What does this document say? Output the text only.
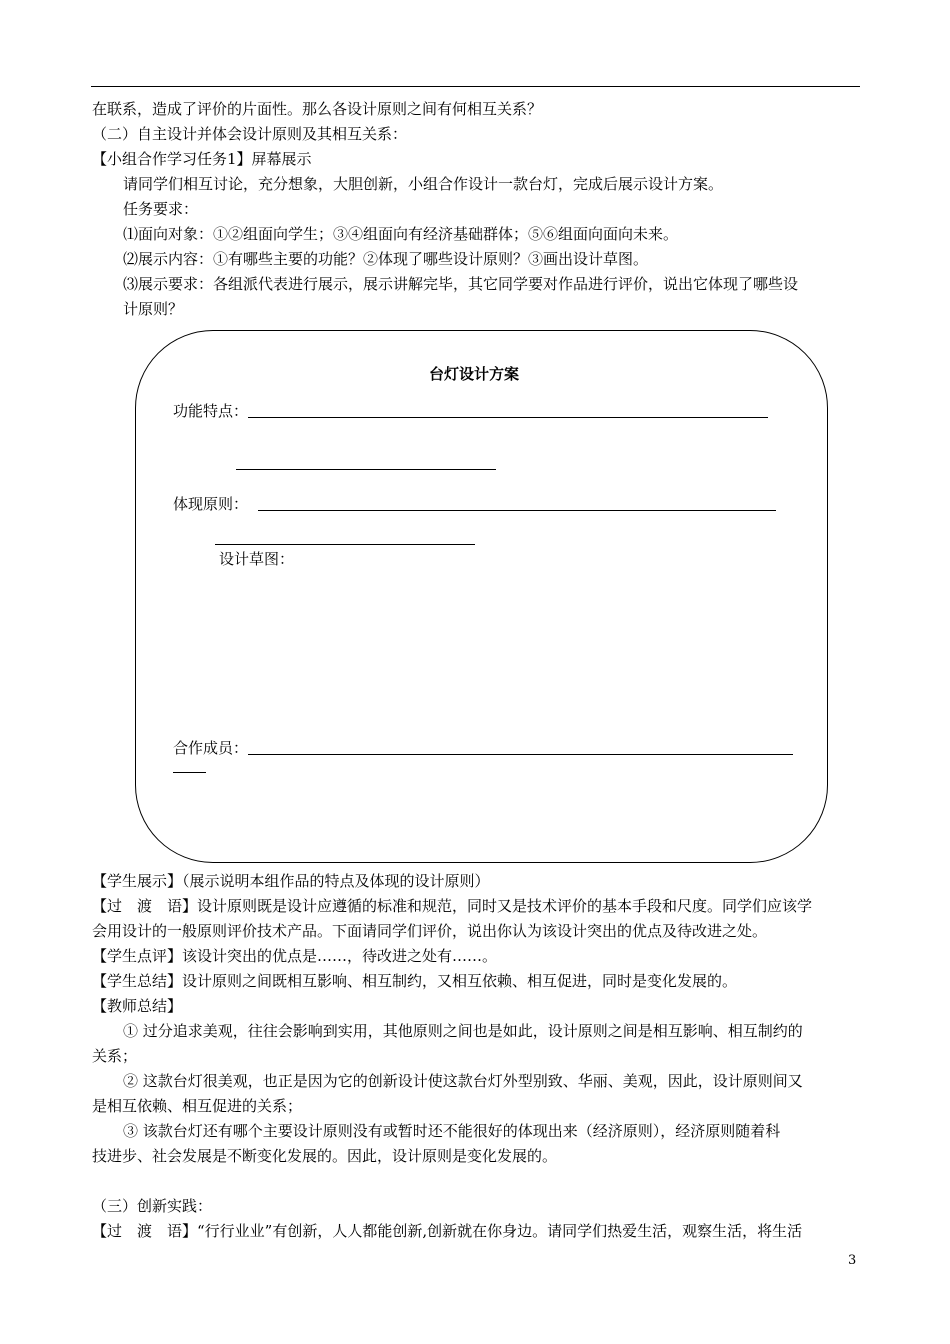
在联系，造成了评价的片面性。那么各设计原则之间有何相互关系？
（二）自主设计并体会设计原则及其相互关系：
【小组合作学习任务1】屏幕展示
请同学们相互讨论，充分想象，大胆创新，小组合作设计一款台灯，完成后展示设计方案。
任务要求：
⑴面向对象：①②组面向学生；③④组面向有经济基础群体；⑤⑥组面向面向未来。
⑵展示内容：①有哪些主要的功能？②体现了哪些设计原则？③画出设计草图。
⑶展示要求：各组派代表进行展示，展示讲解完毕，其它同学要对作品进行评价，说出它体现了哪些设
计原则？
台灯设计方案
功能特点：
体现原则：
设计草图：
合作成员：
【学生展示】（展示说明本组作品的特点及体现的设计原则）
【过　渡　语】设计原则既是设计应遵循的标准和规范，同时又是技术评价的基本手段和尺度。同学们应该学
会用设计的一般原则评价技术产品。下面请同学们评价，说出你认为该设计突出的优点及待改进之处。
【学生点评】该设计突出的优点是……，待改进之处有……。
【学生总结】设计原则之间既相互影响、相互制约，又相互依赖、相互促进，同时是变化发展的。
【教师总结】
① 过分追求美观，往往会影响到实用，其他原则之间也是如此，设计原则之间是相互影响、相互制约的
关系；
② 这款台灯很美观，也正是因为它的创新设计使这款台灯外型别致、华丽、美观，因此，设计原则间又
是相互依赖、相互促进的关系；
③ 该款台灯还有哪个主要设计原则没有或暂时还不能很好的体现出来（经济原则），经济原则随着科
技进步、社会发展是不断变化发展的。因此，设计原则是变化发展的。
（三）创新实践：
【过　渡　语】“行行业业”有创新，人人都能创新,创新就在你身边。请同学们热爱生活，观察生活，将生活
3
